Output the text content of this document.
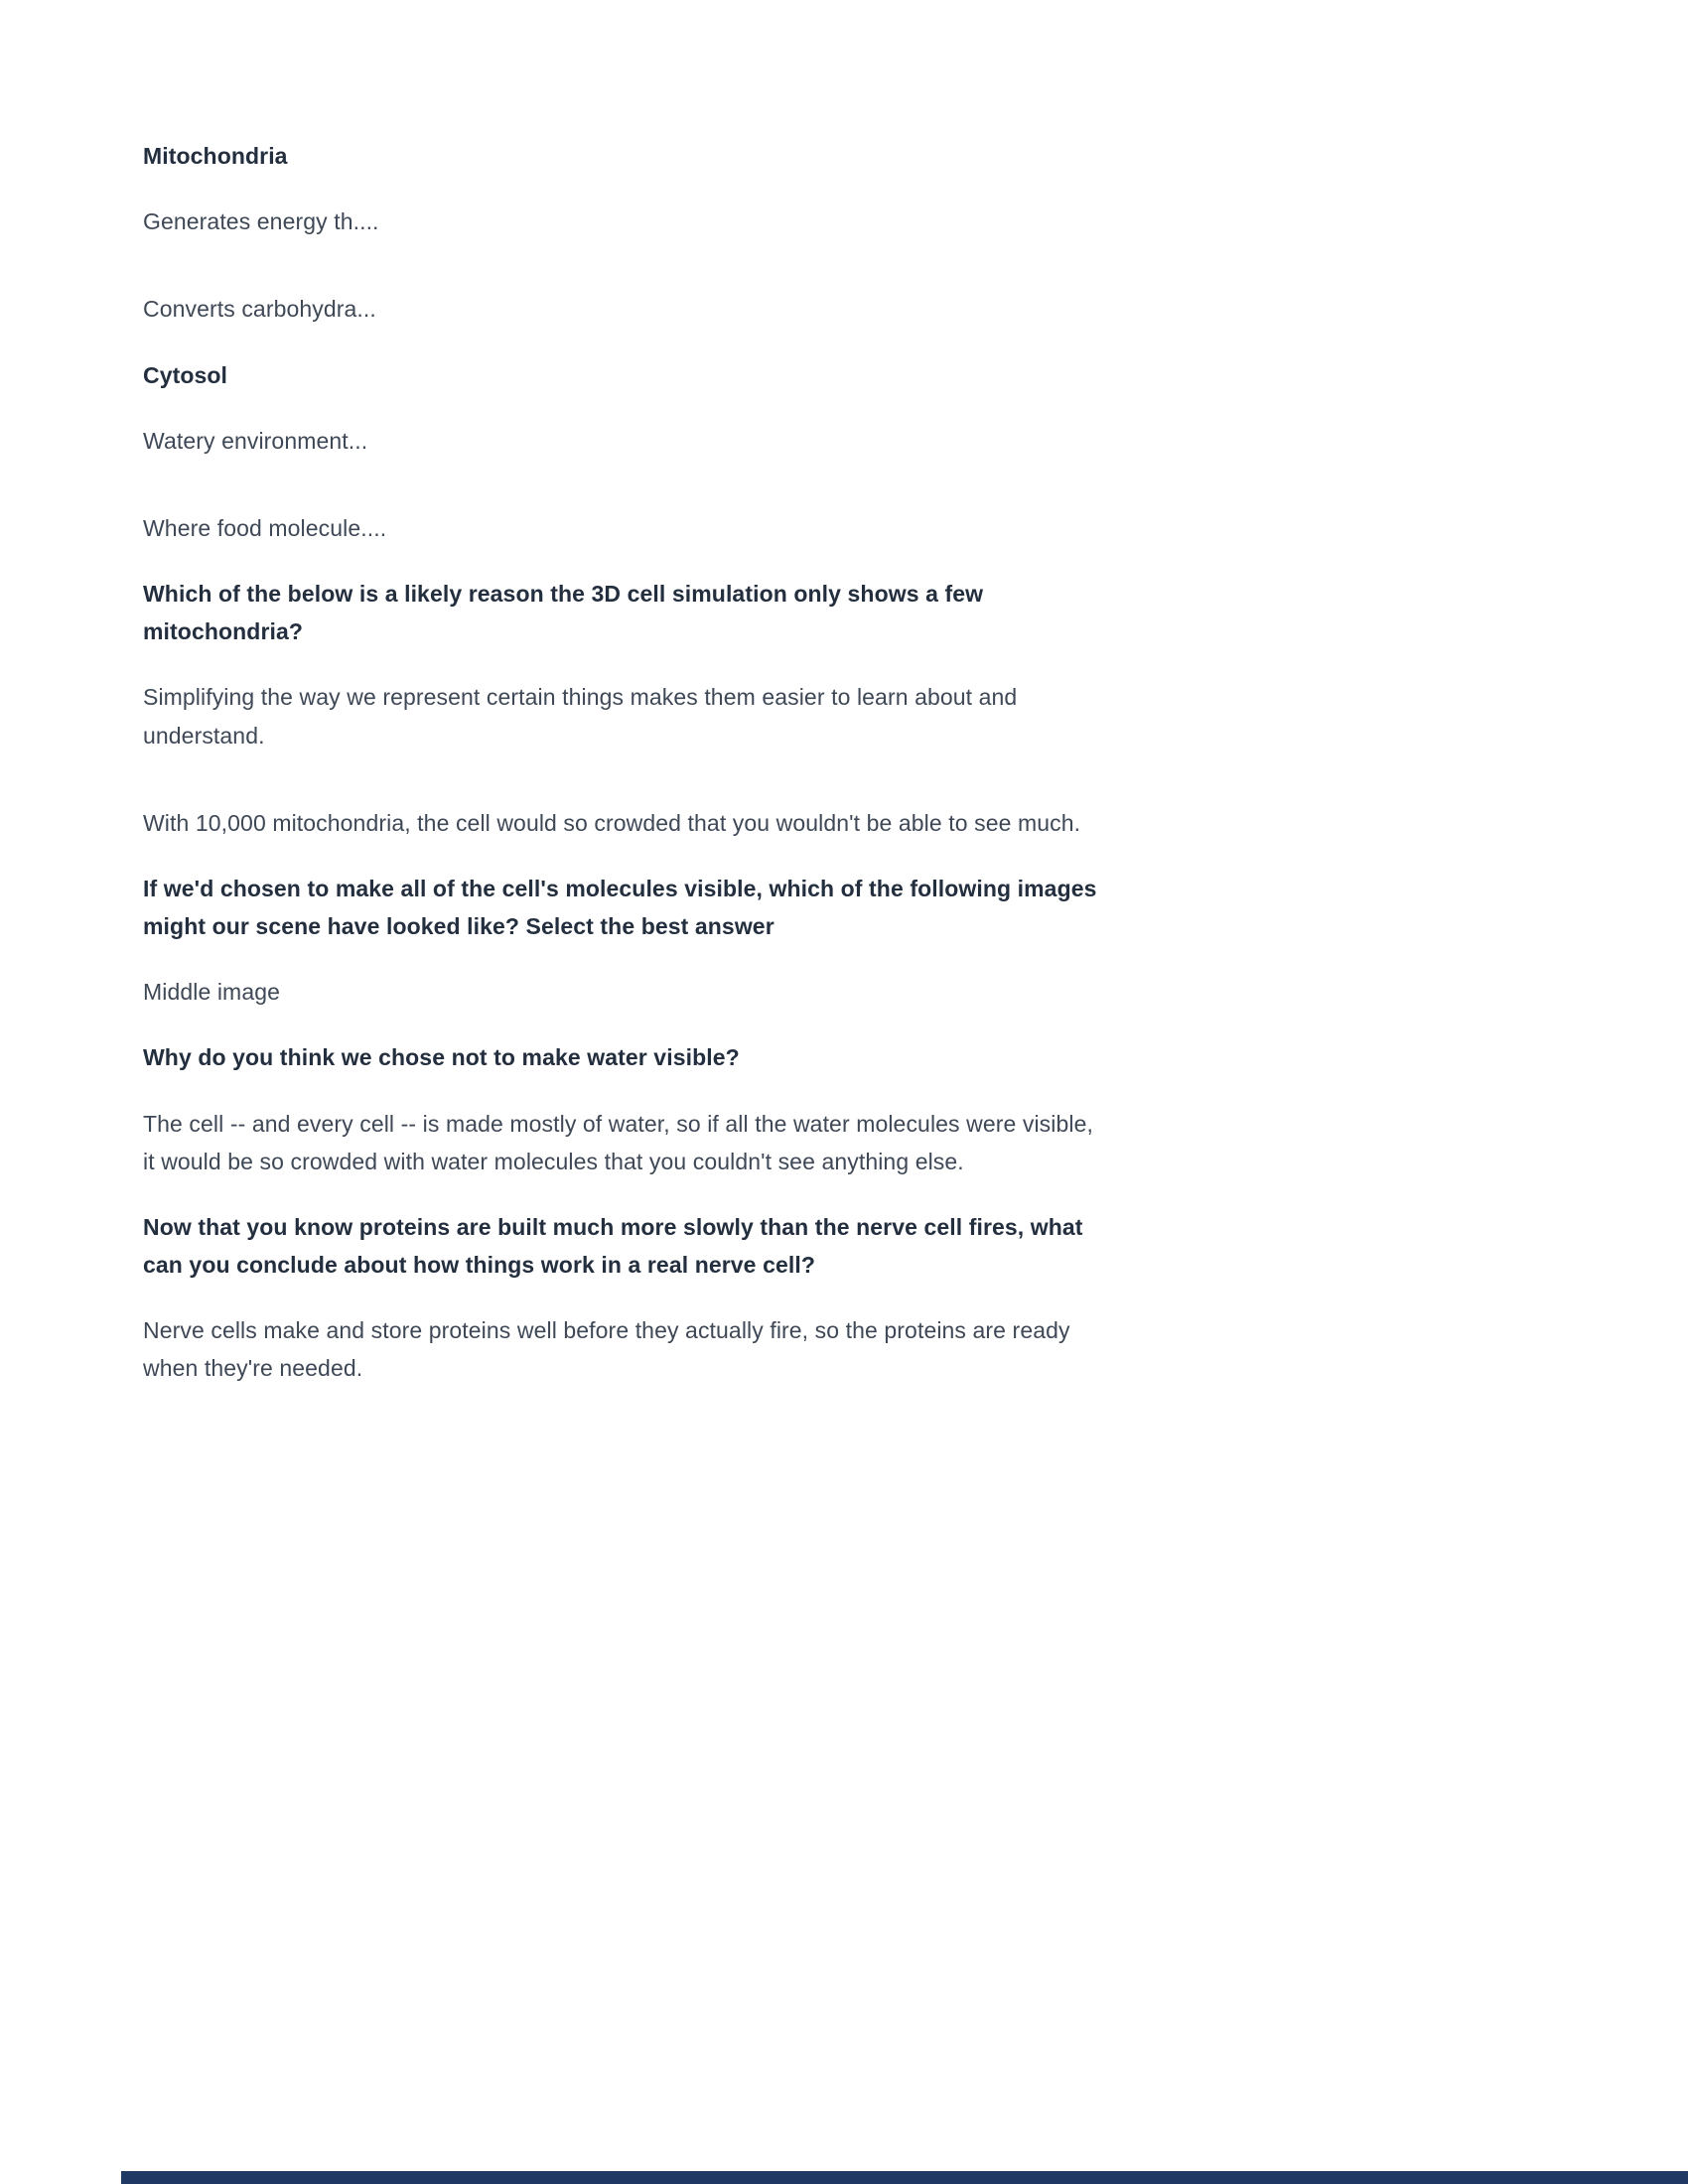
Mitochondria

Generates energy th....

Converts carbohydra...

Cytosol

Watery environment...

Where food molecule....

Which of the below is a likely reason the 3D cell simulation only shows a few mitochondria?

Simplifying the way we represent certain things makes them easier to learn about and understand.

With 10,000 mitochondria, the cell would so crowded that you wouldn't be able to see much.

If we'd chosen to make all of the cell's molecules visible, which of the following images might our scene have looked like? Select the best answer

Middle image

Why do you think we chose not to make water visible?

The cell -- and every cell -- is made mostly of water, so if all the water molecules were visible, it would be so crowded with water molecules that you couldn't see anything else.

Now that you know proteins are built much more slowly than the nerve cell fires, what can you conclude about how things work in a real nerve cell?

Nerve cells make and store proteins well before they actually fire, so the proteins are ready when they're needed.
